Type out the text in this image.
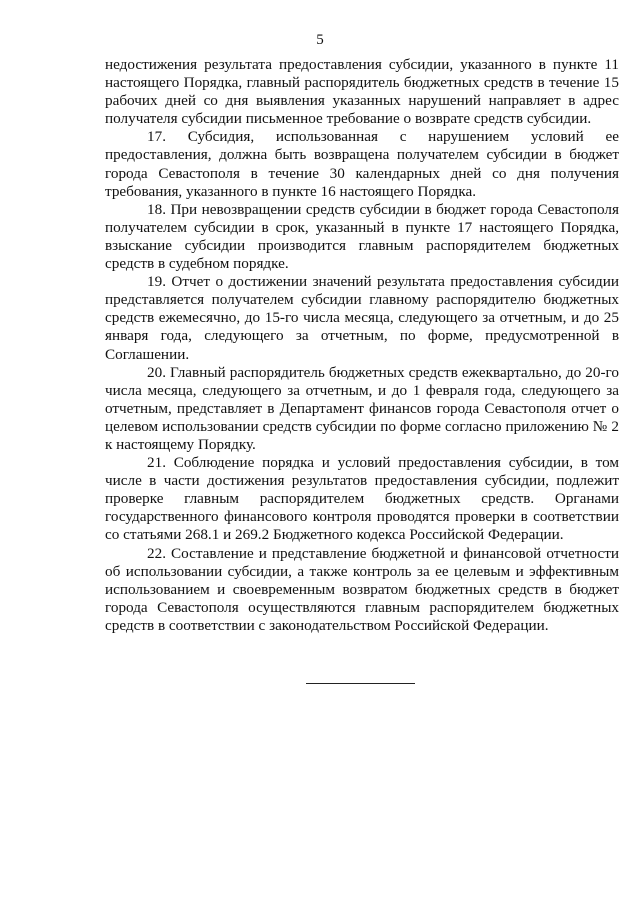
5

недостижения результата предоставления субсидии, указанного в пункте 11 настоящего Порядка, главный распорядитель бюджетных средств в течение 15 рабочих дней со дня выявления указанных нарушений направляет в адрес получателя субсидии письменное требование о возврате средств субсидии.

17. Субсидия, использованная с нарушением условий ее предоставления, должна быть возвращена получателем субсидии в бюджет города Севастополя в течение 30 календарных дней со дня получения требования, указанного в пункте 16 настоящего Порядка.

18. При невозвращении средств субсидии в бюджет города Севастополя получателем субсидии в срок, указанный в пункте 17 настоящего Порядка, взыскание субсидии производится главным распорядителем бюджетных средств в судебном порядке.

19. Отчет о достижении значений результата предоставления субсидии представляется получателем субсидии главному распорядителю бюджетных средств ежемесячно, до 15-го числа месяца, следующего за отчетным, и до 25 января года, следующего за отчетным, по форме, предусмотренной в Соглашении.

20. Главный распорядитель бюджетных средств ежеквартально, до 20-го числа месяца, следующего за отчетным, и до 1 февраля года, следующего за отчетным, представляет в Департамент финансов города Севастополя отчет о целевом использовании средств субсидии по форме согласно приложению № 2 к настоящему Порядку.

21. Соблюдение порядка и условий предоставления субсидии, в том числе в части достижения результатов предоставления субсидии, подлежит проверке главным распорядителем бюджетных средств. Органами государственного финансового контроля проводятся проверки в соответствии со статьями 268.1 и 269.2 Бюджетного кодекса Российской Федерации.

22. Составление и представление бюджетной и финансовой отчетности об использовании субсидии, а также контроль за ее целевым и эффективным использованием и своевременным возвратом бюджетных средств в бюджет города Севастополя осуществляются главным распорядителем бюджетных средств в соответствии с законодательством Российской Федерации.
